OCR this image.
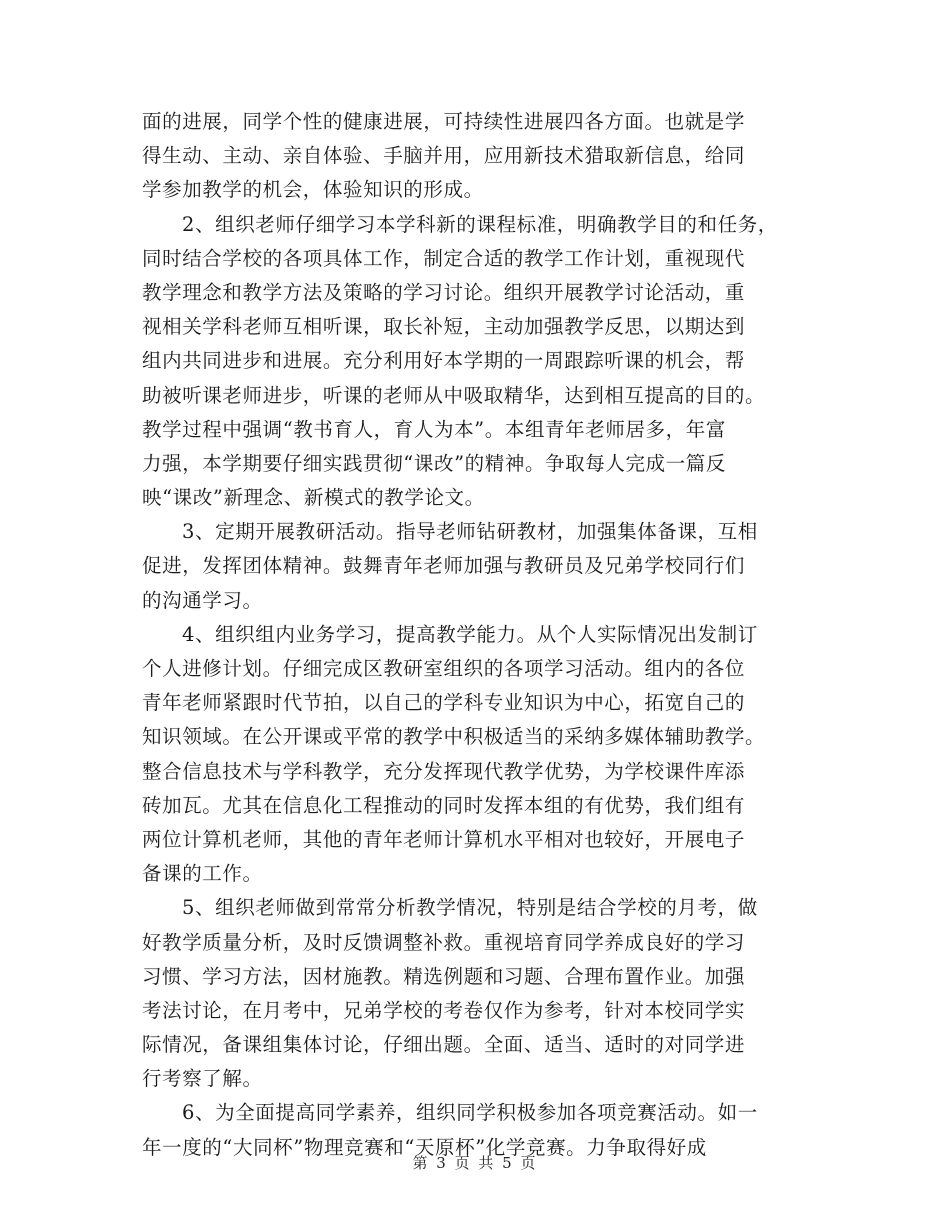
面的进展，同学个性的健康进展，可持续性进展四各方面。也就是学
得生动、主动、亲自体验、手脑并用，应用新技术猎取新信息，给同
学参加教学的机会，体验知识的形成。
2、组织老师仔细学习本学科新的课程标准，明确教学目的和任务，
同时结合学校的各项具体工作，制定合适的教学工作计划，重视现代
教学理念和教学方法及策略的学习讨论。组织开展教学讨论活动，重
视相关学科老师互相听课，取长补短，主动加强教学反思，以期达到
组内共同进步和进展。充分利用好本学期的一周跟踪听课的机会，帮
助被听课老师进步，听课的老师从中吸取精华，达到相互提高的目的。
教学过程中强调“教书育人，育人为本”。本组青年老师居多，年富
力强，本学期要仔细实践贯彻“课改”的精神。争取每人完成一篇反
映“课改”新理念、新模式的教学论文。
3、定期开展教研活动。指导老师钻研教材，加强集体备课，互相
促进，发挥团体精神。鼓舞青年老师加强与教研员及兄弟学校同行们
的沟通学习。
4、组织组内业务学习，提高教学能力。从个人实际情况出发制订
个人进修计划。仔细完成区教研室组织的各项学习活动。组内的各位
青年老师紧跟时代节拍，以自己的学科专业知识为中心，拓宽自己的
知识领域。在公开课或平常的教学中积极适当的采纳多媒体辅助教学。
整合信息技术与学科教学，充分发挥现代教学优势，为学校课件库添
砖加瓦。尤其在信息化工程推动的同时发挥本组的有优势，我们组有
两位计算机老师，其他的青年老师计算机水平相对也较好，开展电子
备课的工作。
5、组织老师做到常常分析教学情况，特别是结合学校的月考，做
好教学质量分析，及时反馈调整补救。重视培育同学养成良好的学习
习惯、学习方法，因材施教。精选例题和习题、合理布置作业。加强
考法讨论，在月考中，兄弟学校的考卷仅作为参考，针对本校同学实
际情况，备课组集体讨论，仔细出题。全面、适当、适时的对同学进
行考察了解。
6、为全面提高同学素养，组织同学积极参加各项竞赛活动。如一
年一度的“大同杯”物理竞赛和“天原杯”化学竞赛。力争取得好成
第 3 页 共 5 页
